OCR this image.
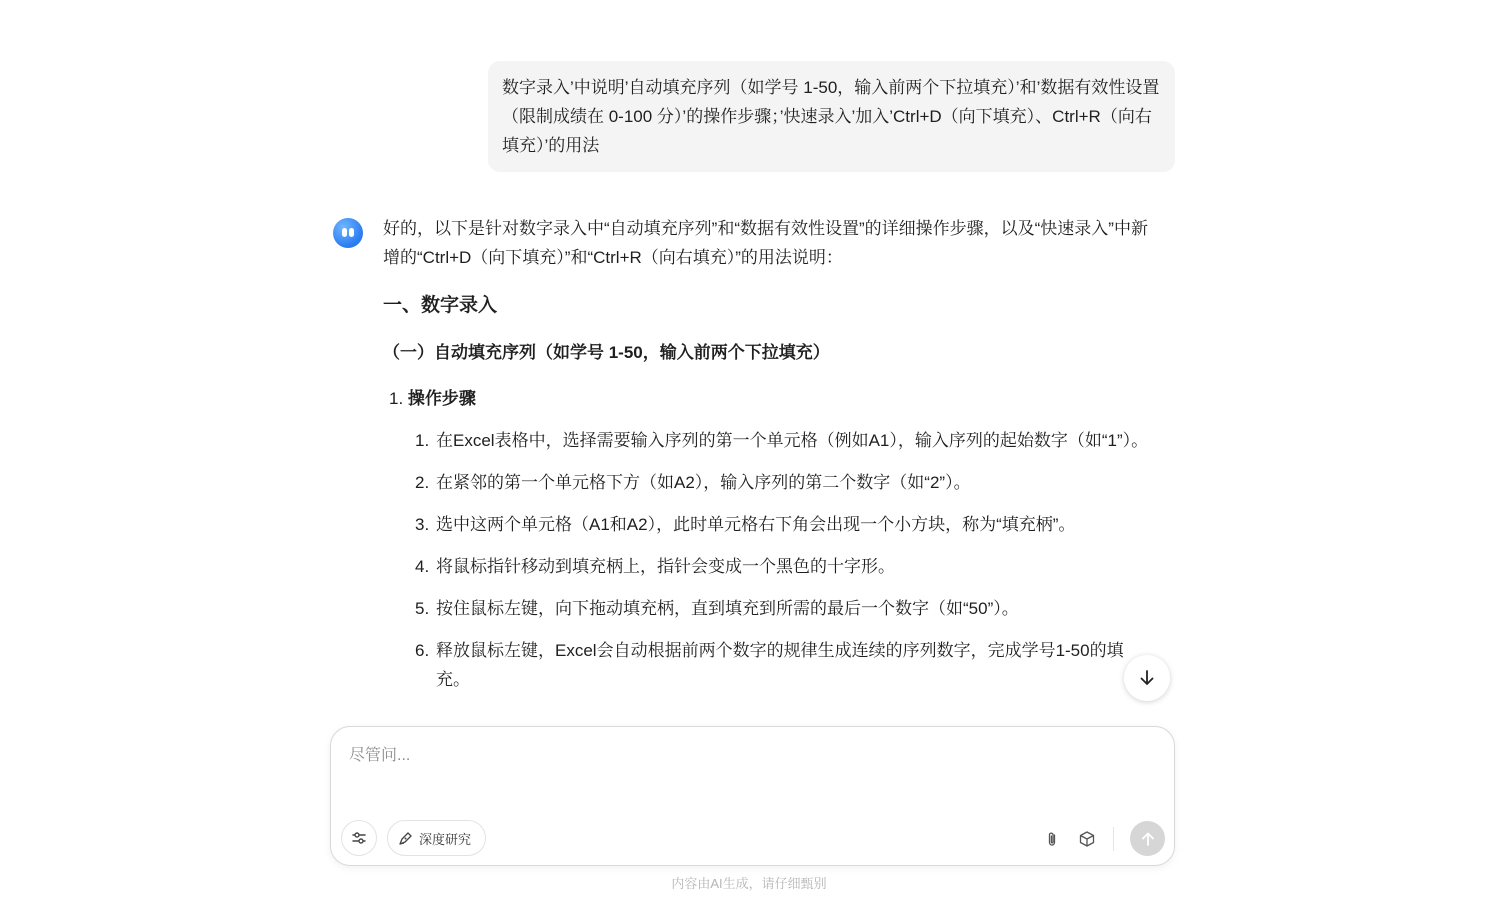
数字录入’中说明’自动填充序列（如学号 1-50，输入前两个下拉填充）’和’数据有效性设置（限制成绩在 0-100 分）’的操作步骤；’快速录入’加入’Ctrl+D（向下填充）、Ctrl+R（向右填充）’的用法

好的，以下是针对数字录入中“自动填充序列”和“数据有效性设置”的详细操作步骤，以及“快速录入”中新增的“Ctrl+D（向下填充）”和“Ctrl+R（向右填充）”的用法说明：

一、数字录入
（一）自动填充序列（如学号 1-50，输入前两个下拉填充）
1. 操作步骤
1. 在Excel表格中，选择需要输入序列的第一个单元格（例如A1），输入序列的起始数字（如“1”）。
2. 在紧邻的第一个单元格下方（如A2），输入序列的第二个数字（如“2”）。
3. 选中这两个单元格（A1和A2），此时单元格右下角会出现一个小方块，称为“填充柄”。
4. 将鼠标指针移动到填充柄上，指针会变成一个黑色的十字形。
5. 按住鼠标左键，向下拖动填充柄，直到填充到所需的最后一个数字（如“50”）。
6. 释放鼠标左键，Excel会自动根据前两个数字的规律生成连续的序列数字，完成学号1-50的填充。
尽管问...
深度研究
内容由AI生成，请仔细甄别
